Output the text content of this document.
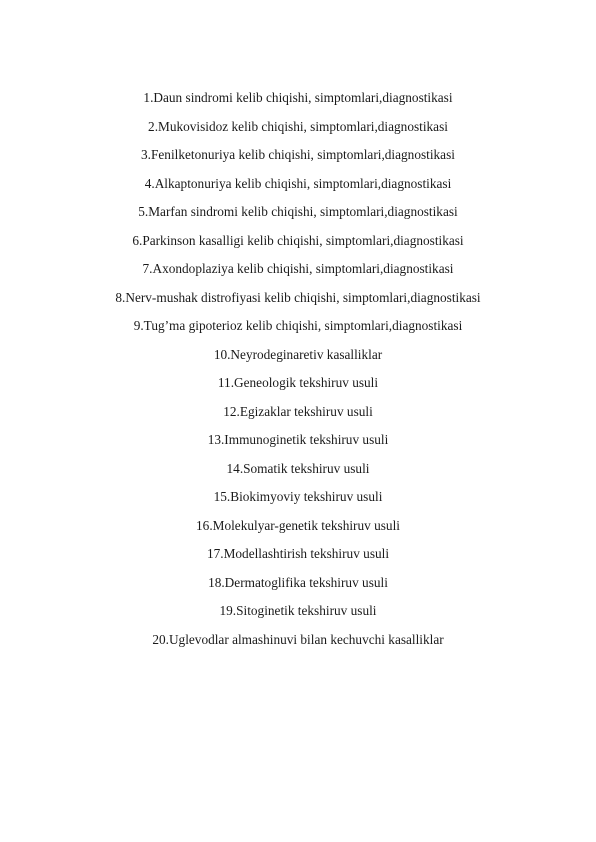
1.Daun sindromi kelib chiqishi, simptomlari,diagnostikasi
2.Mukovisidoz kelib chiqishi, simptomlari,diagnostikasi
3.Fenilketonuriya kelib chiqishi, simptomlari,diagnostikasi
4.Alkaptonuriya kelib chiqishi, simptomlari,diagnostikasi
5.Marfan sindromi kelib chiqishi, simptomlari,diagnostikasi
6.Parkinson kasalligi kelib chiqishi, simptomlari,diagnostikasi
7.Axondoplaziya kelib chiqishi, simptomlari,diagnostikasi
8.Nerv-mushak distrofiyasi kelib chiqishi, simptomlari,diagnostikasi
9.Tug’ma gipoterioz kelib chiqishi, simptomlari,diagnostikasi
10.Neyrodeginaretiv kasalliklar
11.Geneologik tekshiruv usuli
12.Egizaklar tekshiruv usuli
13.Immunoginetik tekshiruv usuli
14.Somatik tekshiruv usuli
15.Biokimyoviy tekshiruv usuli
16.Molekulyar-genetik tekshiruv usuli
17.Modellashtirish tekshiruv usuli
18.Dermatoglifika tekshiruv usuli
19.Sitoginetik tekshiruv usuli
20.Uglevodlar almashinuvi bilan kechuvchi kasalliklar
